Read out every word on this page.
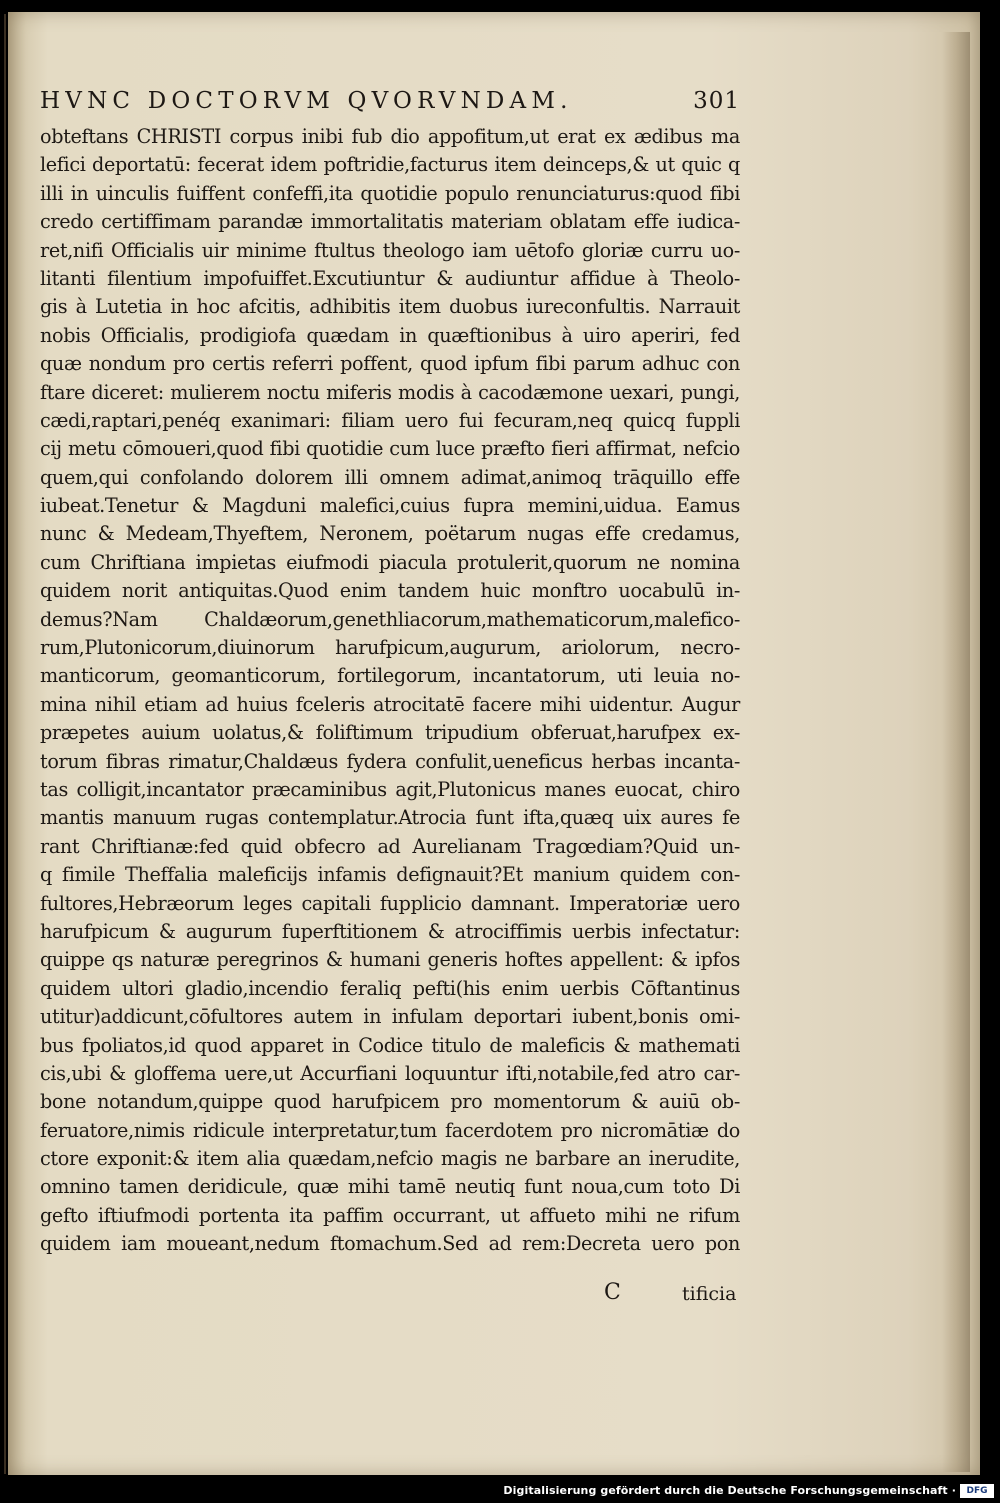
HVNC DOCTORVM QVORVNDAM.	301
obteftans CHRISTI corpus inibi fub dio appofitum,ut erat ex ædibus ma
lefici deportatū: fecerat idem poftridie,facturus item deinceps,& ut quic q
illi in uinculis fuiffent confeffi,ita quotidie populo renunciaturus:quod fibi
credo certiffimam parandæ immortalitatis materiam oblatam effe iudica-
ret,nifi Officialis uir minime ftultus theologo iam uētofo gloriæ curru uo-
litanti filentium impofuiffet.Excutiuntur & audiuntur affidue à Theolo-
gis à Lutetia in hoc afcitis, adhibitis item duobus iureconfultis. Narrauit
nobis Officialis, prodigiofa quædam in quæftionibus à uiro aperiri, fed
quæ nondum pro certis referri poffent, quod ipfum fibi parum adhuc con
ftare diceret: mulierem noctu miferis modis à cacodæmone uexari, pungi,
cædi,raptari,penéq exanimari: filiam uero fui fecuram,neq quicq fuppli
cij metu cōmoueri,quod fibi quotidie cum luce præfto fieri affirmat, nefcio
quem,qui confolando dolorem illi omnem adimat,animoq trāquillo effe
iubeat.Tenetur & Magduni malefici,cuius fupra memini,uidua. Eamus
nunc & Medeam,Thyeftem, Neronem, poëtarum nugas effe credamus,
cum Chriftiana impietas eiufmodi piacula protulerit,quorum ne nomina
quidem norit antiquitas.Quod enim tandem huic monftro uocabulū in-
demus?Nam Chaldæorum,genethliacorum,mathematicorum,malefico-
rum,Plutonicorum,diuinorum harufpicum,augurum, ariolorum, necro-
manticorum, geomanticorum, fortilegorum, incantatorum, uti leuia no-
mina nihil etiam ad huius fceleris atrocitatē facere mihi uidentur. Augur
præpetes auium uolatus,& foliftimum tripudium obferuat,harufpex ex-
torum fibras rimatur,Chaldæus fydera confulit,ueneficus herbas incanta-
tas colligit,incantator præcaminibus agit,Plutonicus manes euocat, chiro
mantis manuum rugas contemplatur.Atrocia funt ifta,quæq uix aures fe
rant Chriftianæ:fed quid obfecro ad Aurelianam Tragœdiam?Quid un-
q fimile Theffalia maleficijs infamis defignauit?Et manium quidem con-
fultores,Hebræorum leges capitali fupplicio damnant. Imperatoriæ uero
harufpicum & augurum fuperftitionem & atrociffimis uerbis infectatur:
quippe qs naturæ peregrinos & humani generis hoftes appellent: & ipfos
quidem ultori gladio,incendio feraliq pefti(his enim uerbis Cōftantinus
utitur)addicunt,cōfultores autem in infulam deportari iubent,bonis omi-
bus fpoliatos,id quod apparet in Codice titulo de maleficis & mathemati
cis,ubi & gloffema uere,ut Accurfiani loquuntur ifti,notabile,fed atro car-
bone notandum,quippe quod harufpicem pro momentorum & auiū ob-
feruatore,nimis ridicule interpretatur,tum facerdotem pro nicromātiæ do
ctore exponit:& item alia quædam,nefcio magis ne barbare an inerudite,
omnino tamen deridicule, quæ mihi tamē neutiq funt noua,cum toto Di
gefto iftiufmodi portenta ita paffim occurrant, ut affueto mihi ne rifum
quidem iam moueant,nedum ftomachum.Sed ad rem:Decreta uero pon
C	tificia
Digitalisierung gefördert durch die Deutsche Forschungsgemeinschaft ·	DFG
